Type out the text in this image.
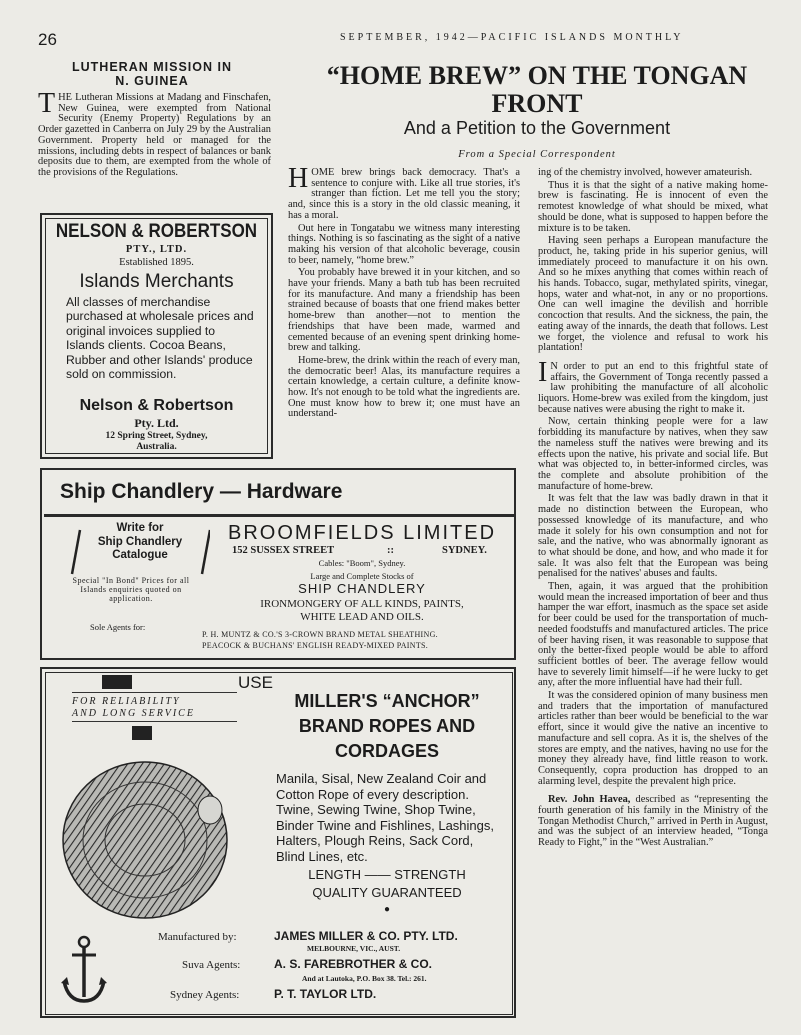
26	SEPTEMBER, 1942—PACIFIC ISLANDS MONTHLY
LUTHERAN MISSION IN
N. GUINEA
THE Lutheran Missions at Madang and Finschafen, New Guinea, were exempted from National Security (Enemy Property) Regulations by an Order gazetted in Canberra on July 29 by the Australian Government. Property held or managed for the missions, including debts in respect of balances or bank deposits due to them, are exempted from the whole of the provisions of the Regulations.
“HOME BREW” ON THE TONGAN
FRONT
And a Petition to the Government
From a Special Correspondent

HOME brew brings back democracy. That's a sentence to conjure with. Like all true stories, it's stranger than fiction. Let me tell you the story; and, since this is a story in the old classic meaning, it has a moral.

Out here in Tongatabu we witness many interesting things. Nothing is so fascinating as the sight of a native making his version of that alcoholic beverage, cousin to beer, namely, “home brew.”

You probably have brewed it in your kitchen, and so have your friends. Many a bath tub has been recruited for its manufacture. And many a friendship has been strained because of boasts that one friend makes better home-brew than another—not to mention the friendships that have been made, warmed and cemented because of an evening spent drinking home-brew and talking.

Home-brew, the drink within the reach of every man, the democratic beer! Alas, its manufacture requires a certain knowledge, a certain culture, a definite know-how. It's not enough to be told what the ingredients are. One must know how to brew it; one must have an understand-

ing of the chemistry involved, however amateurish.

Thus it is that the sight of a native making home-brew is fascinating. He is innocent of even the remotest knowledge of what should be mixed, what should be done, what is supposed to happen before the mixture is to be taken.

Having seen perhaps a European manufacture the product, he, taking pride in his superior genius, will immediately proceed to manufacture it on his own. And so he mixes anything that comes within reach of his hands. Tobacco, sugar, methylated spirits, vinegar, hops, water and what-not, in any or no proportions. One can well imagine the devilish and horrible concoction that results. And the sickness, the pain, the eating away of the innards, the death that follows. Lest we forget, the violence and refusal to work his plantation!

I N order to put an end to this frightful state of affairs, the Government of Tonga recently passed a law prohibiting the manufacture of all alcoholic liquors. Home-brew was exiled from the kingdom, just because natives were abusing the right to make it.

Now, certain thinking people were for a law forbidding its manufacture by natives, when they saw the nameless stuff the natives were brewing and its effects upon the native, his private and social life. But what was objected to, in better-informed circles, was the complete and absolute prohibition of the manufacture of home-brew.

It was felt that the law was badly drawn in that it made no distinction between the European, who possessed knowledge of its manufacture, and who made it solely for his own consumption and not for sale, and the native, who was abnormally ignorant as to what should be done, and how, and who made it for sale. It was also felt that the European was being penalised for the natives' abuses and faults.

Then, again, it was argued that the prohibition would mean the increased importation of beer and thus hamper the war effort, inasmuch as the space set aside for beer could be used for the transportation of much-needed foodstuffs and manufactured articles. The price of beer having risen, it was reasonable to suppose that only the better-fixed people would be able to afford sufficient bottles of beer. The average fellow would have to severely limit himself—if he were lucky to get any, after the more influential have had their full.

It was the considered opinion of many business men and traders that the importation of manufactured articles rather than beer would be beneficial to the war effort, since it would give the native an incentive to manufacture and sell copra. As it is, the shelves of the stores are empty, and the natives, having no use for the money they already have, find little reason to work. Consequently, copra production has dropped to an alarming level, despite the prevalent high price.

Rev. John Havea, described as “representing the fourth generation of his family in the Ministry of the Tongan Methodist Church,” arrived in Perth in August, and was the subject of an interview headed, “Tonga Ready to Fight,” in the “West Australian.”

NELSON & ROBERTSON
PTY., LTD.
Established 1895.
Islands Merchants
All classes of merchandise purchased at wholesale prices and original invoices supplied to Islands clients. Cocoa Beans, Rubber and other Islands' produce sold on commission.
Nelson & Robertson
Pty. Ltd.
12 Spring Street, Sydney,
Australia.
Ship Chandlery — Hardware
Write for
Ship Chandlery
Catalogue
Special "In Bond" Prices for all Islands enquiries quoted on application.
BROOMFIELDS LIMITED
152 SUSSEX STREET	::	SYDNEY.
Cables: "Boom", Sydney.
Large and Complete Stocks of
SHIP CHANDLERY
IRONMONGERY OF ALL KINDS, PAINTS,
WHITE LEAD AND OILS.
Sole Agents for:
P. H. MUNTZ & CO.'S 3-CROWN BRAND METAL SHEATHING.
PEACOCK & BUCHANS' ENGLISH READY-MIXED PAINTS.
USE
FOR RELIABILITY
AND LONG SERVICE
MILLER'S “ANCHOR”
BRAND ROPES AND
CORDAGES
Manila, Sisal, New Zealand Coir and Cotton Rope of every description. Twine, Sewing Twine, Shop Twine, Binder Twine and Fishlines, Lashings, Halters, Plough Reins, Sack Cord, Blind Lines, etc.
LENGTH —— STRENGTH
QUALITY GUARANTEED
●
Manufactured by:	JAMES MILLER & CO. PTY. LTD.
MELBOURNE, VIC., AUST.
Suva Agents:	A. S. FAREBROTHER & CO.
And at Lautoka, P.O. Box 38. Tel.: 261.
Sydney Agents:	P. T. TAYLOR LTD.
